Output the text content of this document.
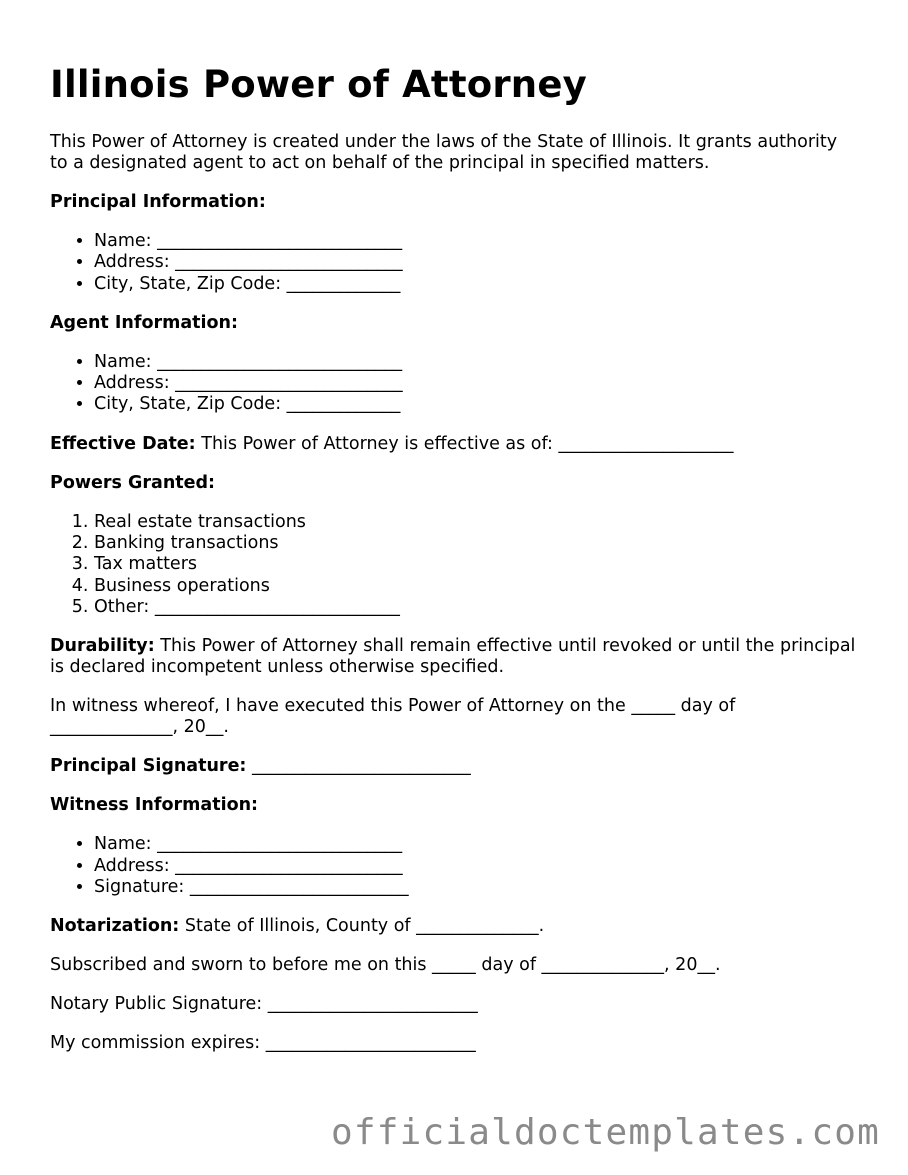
Illinois Power of Attorney

This Power of Attorney is created under the laws of the State of Illinois. It grants authority to a designated agent to act on behalf of the principal in specified matters.

Principal Information:
• Name: ____________________________
• Address: __________________________
• City, State, Zip Code: _____________
Agent Information:
• Name: ____________________________
• Address: __________________________
• City, State, Zip Code: _____________

Effective Date: This Power of Attorney is effective as of: ____________________

Powers Granted:
1. Real estate transactions
2. Banking transactions
3. Tax matters
4. Business operations
5. Other: ____________________________

Durability: This Power of Attorney shall remain effective until revoked or until the principal is declared incompetent unless otherwise specified.

In witness whereof, I have executed this Power of Attorney on the _____ day of ______________, 20__.

Principal Signature: _________________________

Witness Information:
• Name: ____________________________
• Address: __________________________
• Signature: _________________________

Notarization: State of Illinois, County of ______________.

Subscribed and sworn to before me on this _____ day of ______________, 20__.

Notary Public Signature: ________________________

My commission expires: ________________________

officialdoctemplates.com
